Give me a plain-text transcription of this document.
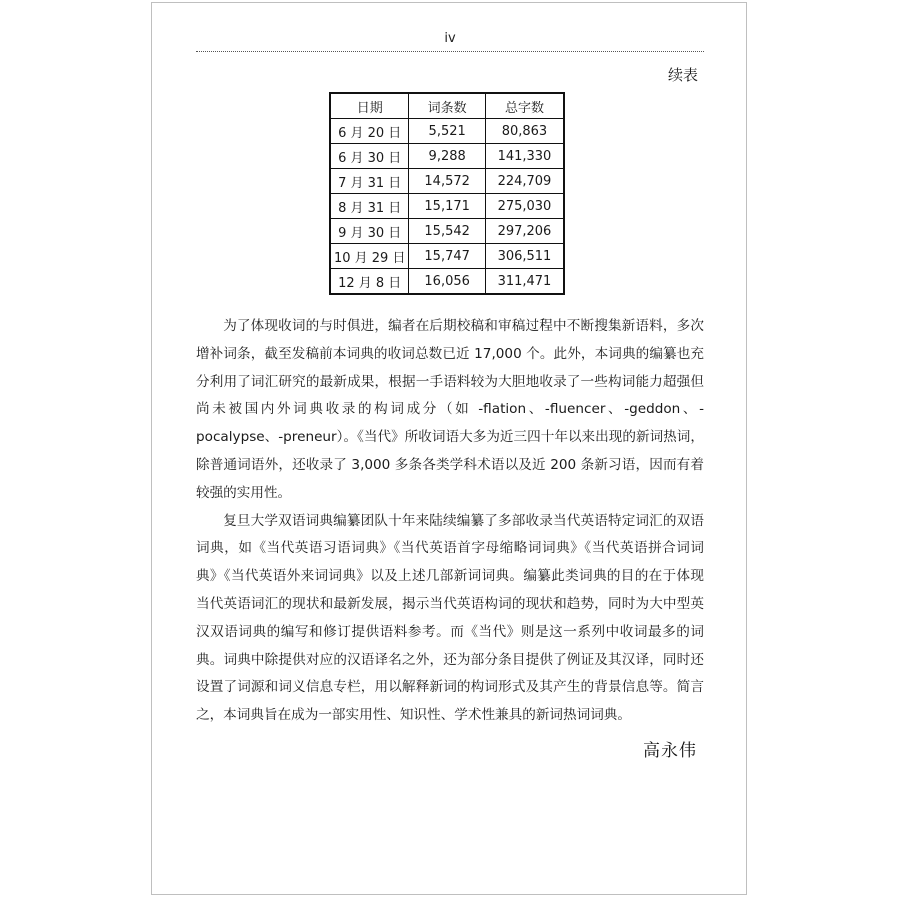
iv
续表
日期	词条数	总字数
6 月 20 日	5,521	80,863
6 月 30 日	9,288	141,330
7 月 31 日	14,572	224,709
8 月 31 日	15,171	275,030
9 月 30 日	15,542	297,206
10 月 29 日	15,747	306,511
12 月 8 日	16,056	311,471

为了体现收词的与时俱进，编者在后期校稿和审稿过程中不断搜集新语料，多次增补词条，截至发稿前本词典的收词总数已近 17,000 个。此外，本词典的编纂也充分利用了词汇研究的最新成果，根据一手语料较为大胆地收录了一些构词能力超强但尚未被国内外词典收录的构词成分（如 -flation、-fluencer、-geddon、-pocalypse、-preneur）。《当代》所收词语大多为近三四十年以来出现的新词热词，除普通词语外，还收录了 3,000 多条各类学科术语以及近 200 条新习语，因而有着较强的实用性。

复旦大学双语词典编纂团队十年来陆续编纂了多部收录当代英语特定词汇的双语词典，如《当代英语习语词典》《当代英语首字母缩略词词典》《当代英语拼合词词典》《当代英语外来词词典》以及上述几部新词词典。编纂此类词典的目的在于体现当代英语词汇的现状和最新发展，揭示当代英语构词的现状和趋势，同时为大中型英汉双语词典的编写和修订提供语料参考。而《当代》则是这一系列中收词最多的词典。词典中除提供对应的汉语译名之外，还为部分条目提供了例证及其汉译，同时还设置了词源和词义信息专栏，用以解释新词的构词形式及其产生的背景信息等。简言之，本词典旨在成为一部实用性、知识性、学术性兼具的新词热词词典。

高永伟
